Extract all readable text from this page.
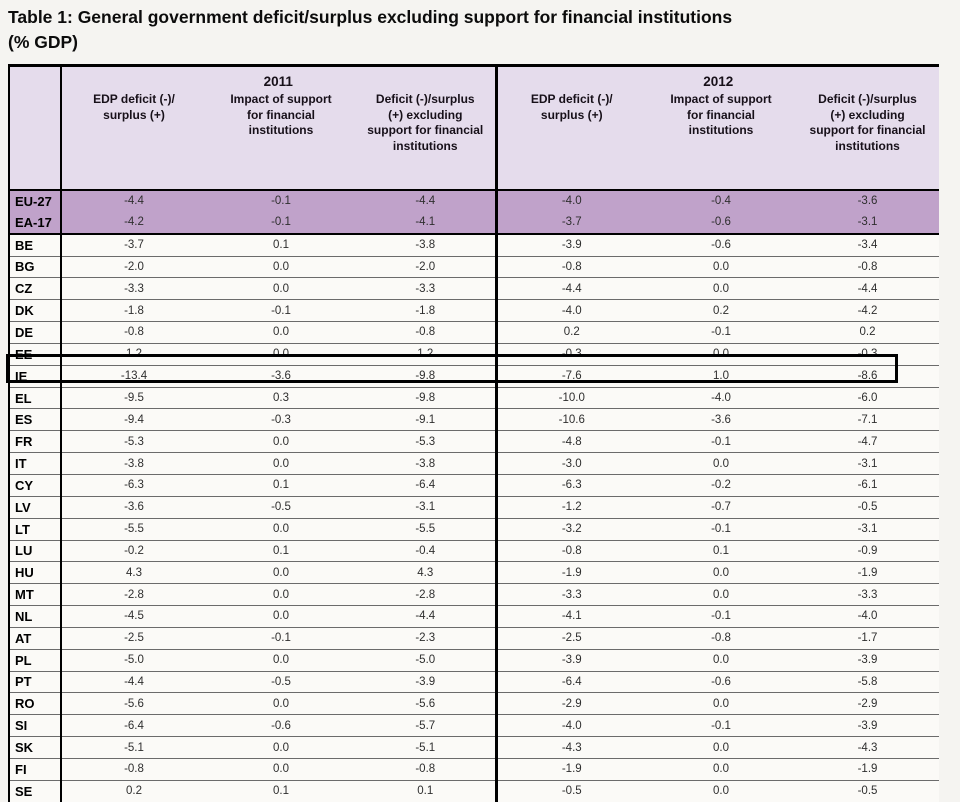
Table 1: General government deficit/surplus excluding support for financial institutions
(% GDP)
	2011			2012		
	EDP deficit (-)/ surplus (+)	Impact of support for financial institutions	Deficit (-)/surplus (+) excluding support for financial institutions	EDP deficit (-)/ surplus (+)	Impact of support for financial institutions	Deficit (-)/surplus (+) excluding support for financial institutions
EU-27	-4.4	-0.1	-4.4	-4.0	-0.4	-3.6
EA-17	-4.2	-0.1	-4.1	-3.7	-0.6	-3.1
BE	-3.7	0.1	-3.8	-3.9	-0.6	-3.4
BG	-2.0	0.0	-2.0	-0.8	0.0	-0.8
CZ	-3.3	0.0	-3.3	-4.4	0.0	-4.4
DK	-1.8	-0.1	-1.8	-4.0	0.2	-4.2
DE	-0.8	0.0	-0.8	0.2	-0.1	0.2
EE	1.2	0.0	1.2	-0.3	0.0	-0.3
IE	-13.4	-3.6	-9.8	-7.6	1.0	-8.6
EL	-9.5	0.3	-9.8	-10.0	-4.0	-6.0
ES	-9.4	-0.3	-9.1	-10.6	-3.6	-7.1
FR	-5.3	0.0	-5.3	-4.8	-0.1	-4.7
IT	-3.8	0.0	-3.8	-3.0	0.0	-3.1
CY	-6.3	0.1	-6.4	-6.3	-0.2	-6.1
LV	-3.6	-0.5	-3.1	-1.2	-0.7	-0.5
LT	-5.5	0.0	-5.5	-3.2	-0.1	-3.1
LU	-0.2	0.1	-0.4	-0.8	0.1	-0.9
HU	4.3	0.0	4.3	-1.9	0.0	-1.9
MT	-2.8	0.0	-2.8	-3.3	0.0	-3.3
NL	-4.5	0.0	-4.4	-4.1	-0.1	-4.0
AT	-2.5	-0.1	-2.3	-2.5	-0.8	-1.7
PL	-5.0	0.0	-5.0	-3.9	0.0	-3.9
PT	-4.4	-0.5	-3.9	-6.4	-0.6	-5.8
RO	-5.6	0.0	-5.6	-2.9	0.0	-2.9
SI	-6.4	-0.6	-5.7	-4.0	-0.1	-3.9
SK	-5.1	0.0	-5.1	-4.3	0.0	-4.3
FI	-0.8	0.0	-0.8	-1.9	0.0	-1.9
SE	0.2	0.1	0.1	-0.5	0.0	-0.5
